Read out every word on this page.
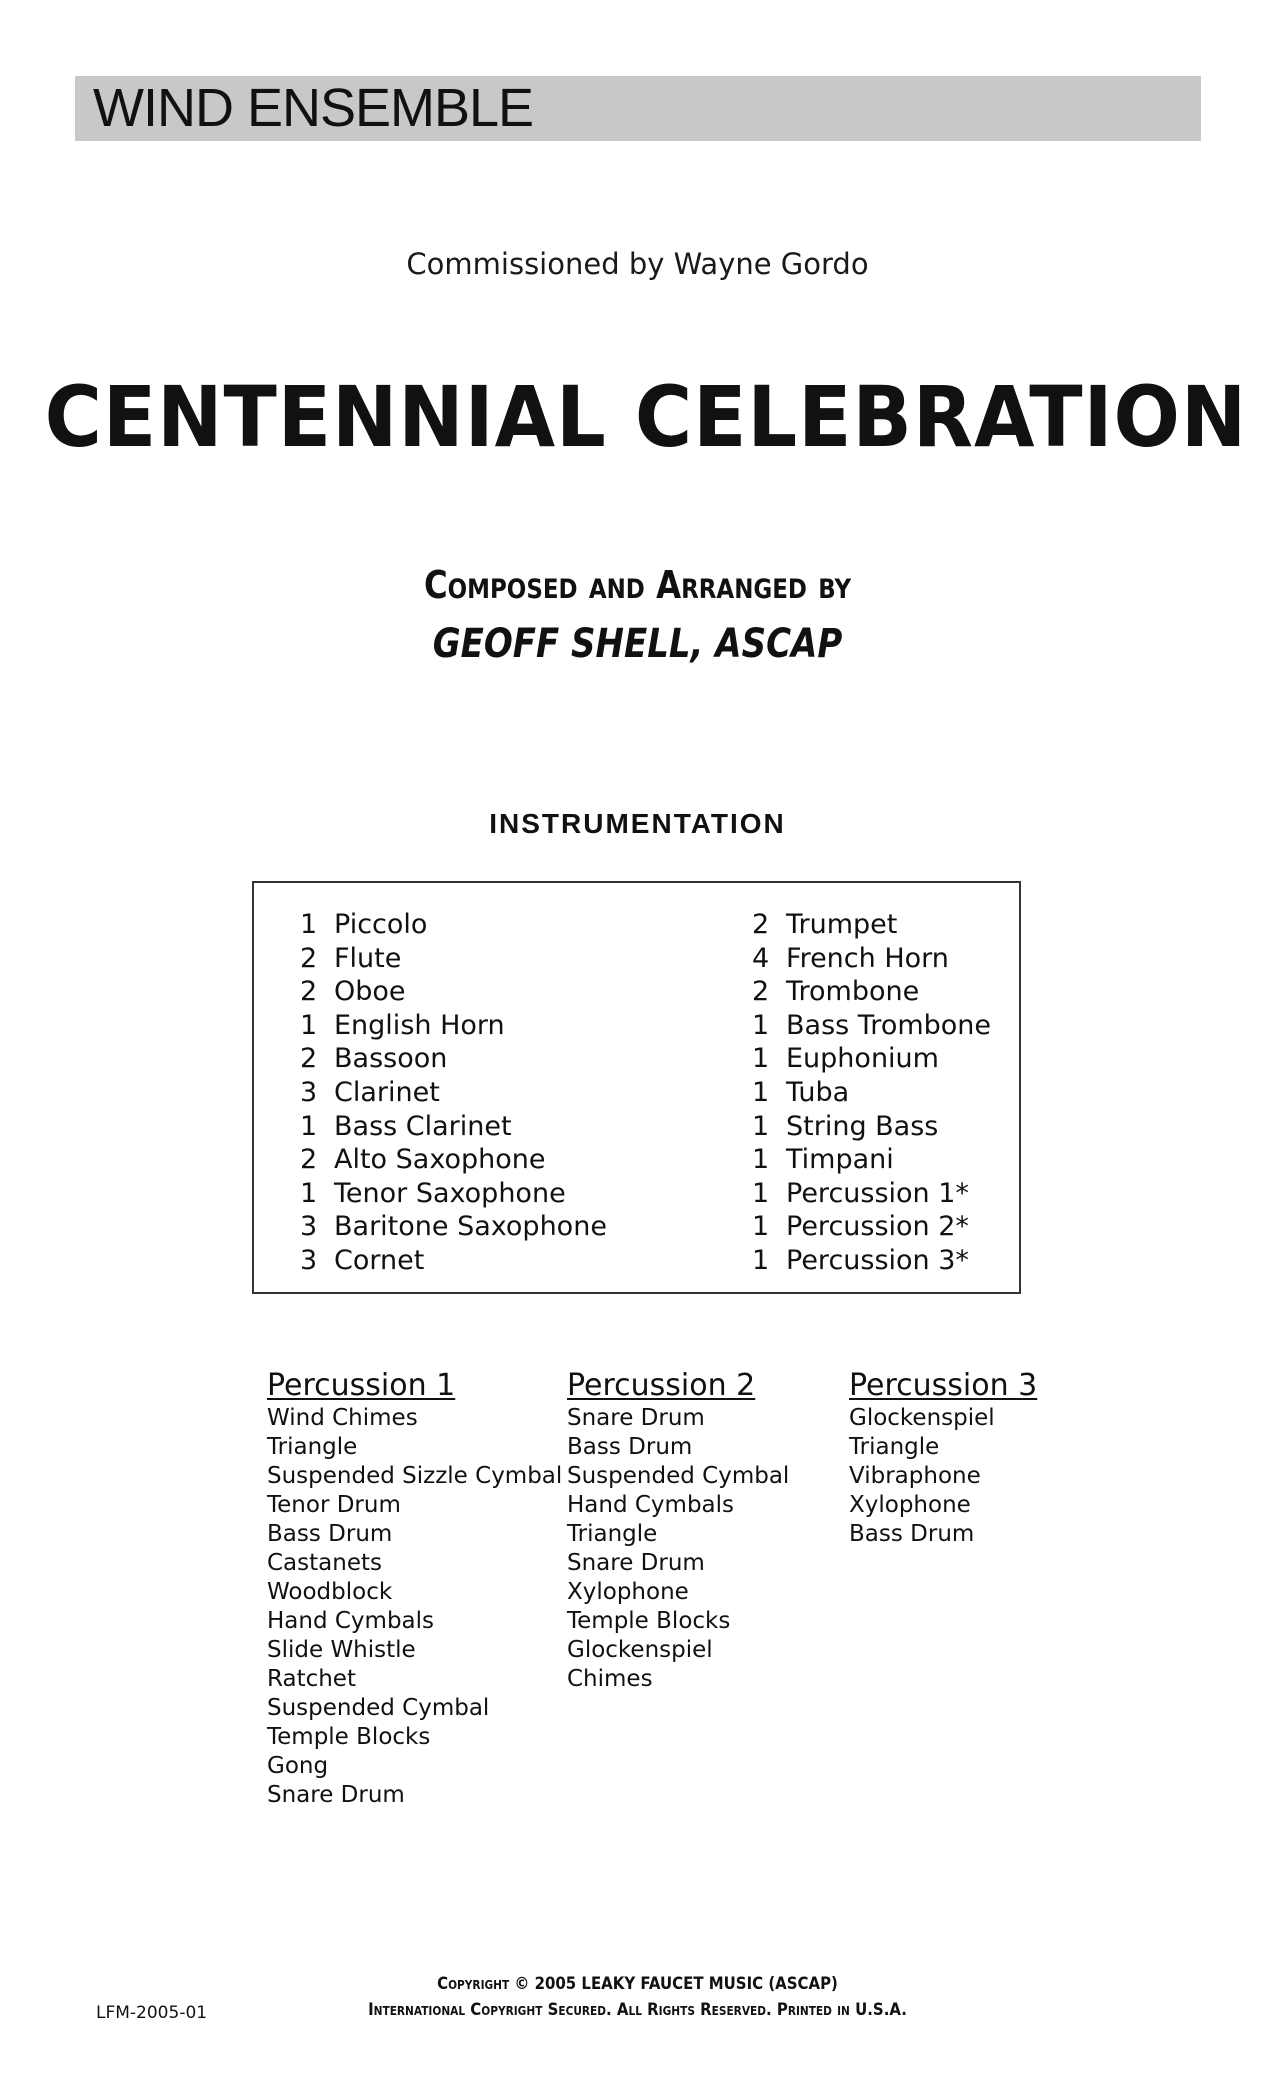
WIND ENSEMBLE
Commissioned by Wayne Gordo
CENTENNIAL CELEBRATION
Composed and Arranged by
GEOFF SHELL, ASCAP
INSTRUMENTATION
1 Piccolo
2 Flute
2 Oboe
1 English Horn
2 Bassoon
3 Clarinet
1 Bass Clarinet
2 Alto Saxophone
1 Tenor Saxophone
3 Baritone Saxophone
3 Cornet
2 Trumpet
4 French Horn
2 Trombone
1 Bass Trombone
1 Euphonium
1 Tuba
1 String Bass
1 Timpani
1 Percussion 1*
1 Percussion 2*
1 Percussion 3*
Percussion 1
Wind Chimes
Triangle
Suspended Sizzle Cymbal
Tenor Drum
Bass Drum
Castanets
Woodblock
Hand Cymbals
Slide Whistle
Ratchet
Suspended Cymbal
Temple Blocks
Gong
Snare Drum
Percussion 2
Snare Drum
Bass Drum
Suspended Cymbal
Hand Cymbals
Triangle
Snare Drum
Xylophone
Temple Blocks
Glockenspiel
Chimes
Percussion 3
Glockenspiel
Triangle
Vibraphone
Xylophone
Bass Drum
LFM-2005-01
Copyright © 2005 LEAKY FAUCET MUSIC (ASCAP)
International Copyright Secured. All Rights Reserved. Printed in U.S.A.
